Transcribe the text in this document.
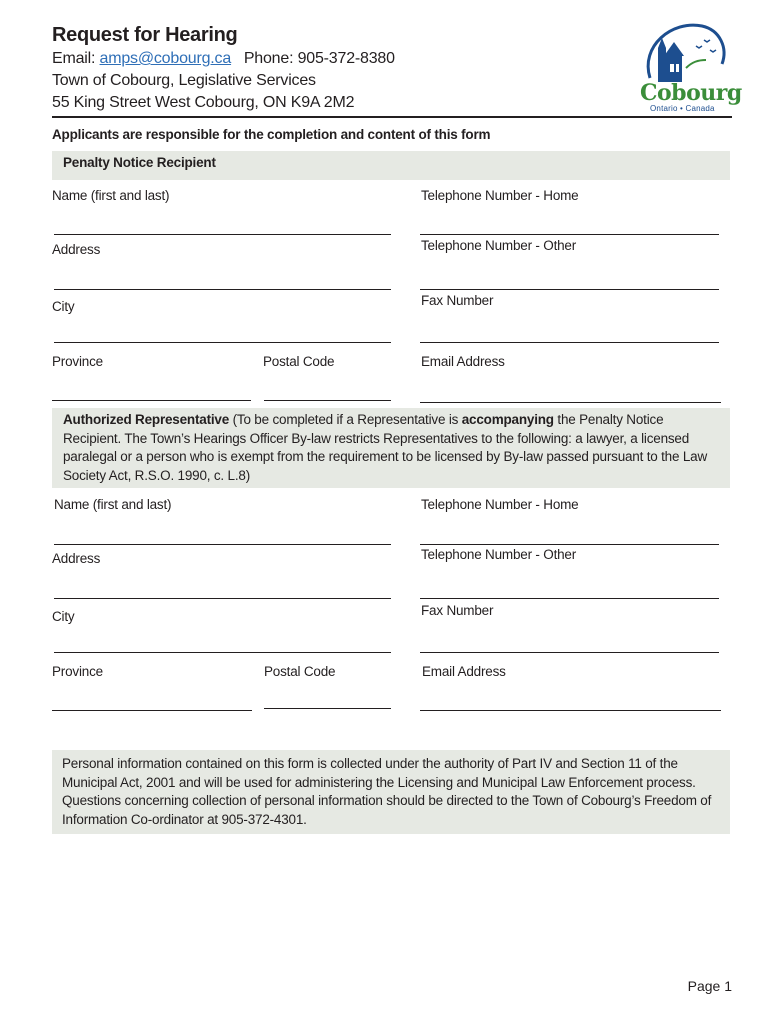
Request for Hearing
Email: amps@cobourg.ca Phone: 905-372-8380
Town of Cobourg, Legislative Services
55 King Street West Cobourg, ON K9A 2M2	Cobourg
Ontario • Canada
Applicants are responsible for the completion and content of this form
Penalty Notice Recipient
Name (first and last)	Telephone Number - Home
Address	Telephone Number - Other
City	Fax Number
Province	Postal Code	Email Address
Authorized Representative (To be completed if a Representative is accompanying the Penalty Notice Recipient. The Town’s Hearings Officer By-law restricts Representatives to the following: a lawyer, a licensed paralegal or a person who is exempt from the requirement to be licensed by By-law passed pursuant to the Law Society Act, R.S.O. 1990, c. L.8)
Name (first and last)	Telephone Number - Home
Address	Telephone Number - Other
City	Fax Number
Province	Postal Code	Email Address
Personal information contained on this form is collected under the authority of Part IV and Section 11 of the Municipal Act, 2001 and will be used for administering the Licensing and Municipal Law Enforcement process. Questions concerning collection of personal information should be directed to the Town of Cobourg’s Freedom of Information Co-ordinator at 905-372-4301.
Page 1
